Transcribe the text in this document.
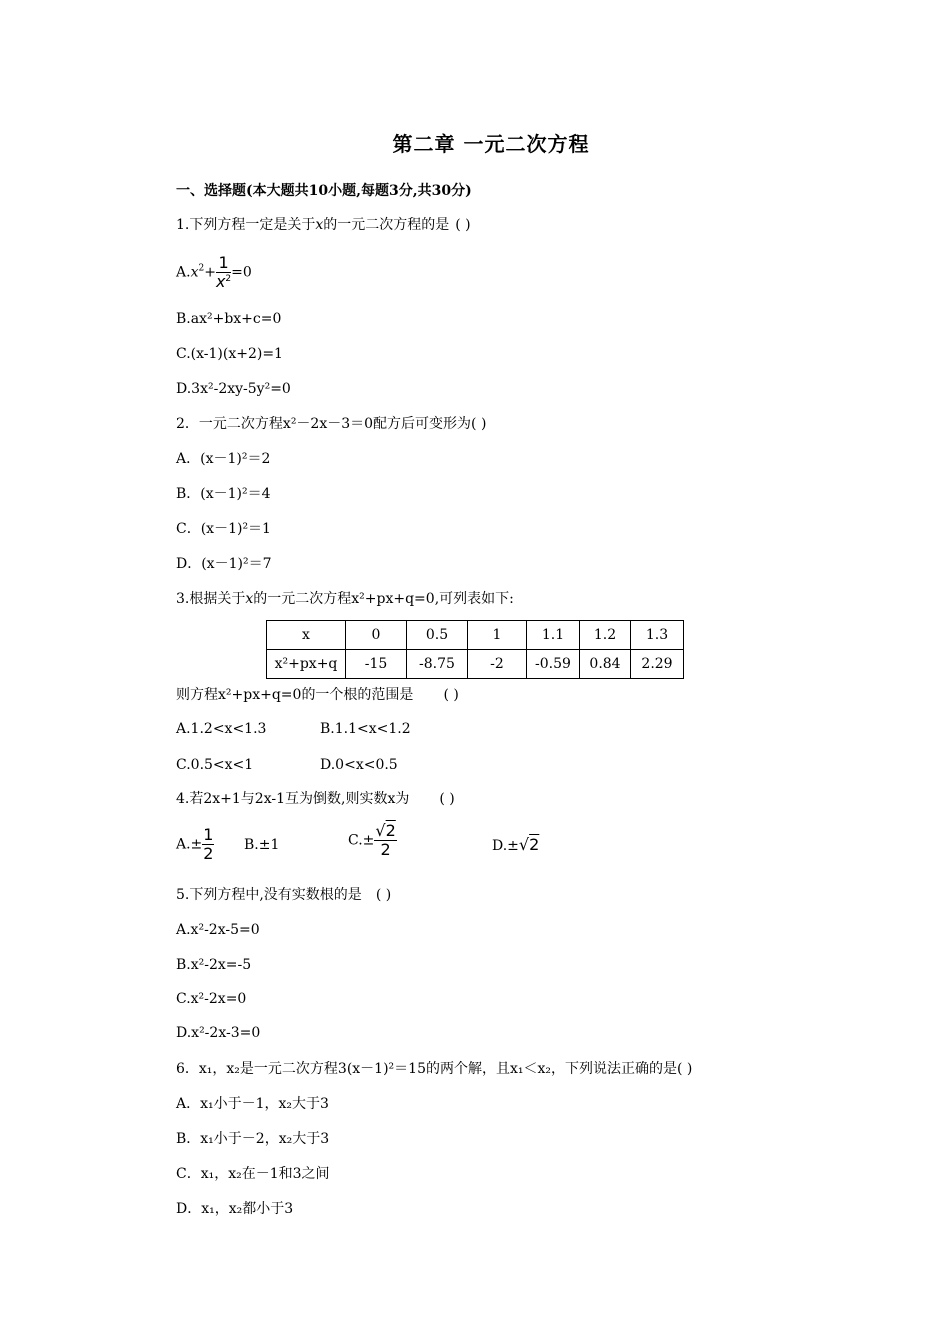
第二章 一元二次方程
一、选择题(本大题共10小题,每题3分,共30分)
1.下列方程一定是关于x的一元二次方程的是 ( )
$A.x^2+ \frac{1}{x^2} =0$
B.ax²+bx+c=0
C.(x-1)(x+2)=1
D.3x²-2xy-5y²=0
2．一元二次方程x²－2x－3＝0配方后可变形为( )
A．(x－1)²＝2
B．(x－1)²＝4
C．(x－1)²＝1
D．(x－1)²＝7
3.根据关于x的一元二次方程x²+px+q=0,可列表如下:
x	0	0.5	1	1.1	1.2	1.3
x²+px+q	-15	-8.75	-2	-0.59	0.84	2.29
则方程x²+px+q=0的一个根的范围是 ( )
A.1.2<x<1.3	B.1.1<x<1.2
C.0.5<x<1	D.0<x<0.5
4.若2x+1与2x-1互为倒数,则实数x为 ( )
$A.\pm \frac{1}{2} B.\pm 1$	$C.\pm \frac{√2}{2}$	D.±√2
5.下列方程中,没有实数根的是 ( )
A.x²-2x-5=0
B.x²-2x=-5
C.x²-2x=0
D.x²-2x-3=0
6．x₁，x₂是一元二次方程3(x－1)²＝15的两个解，且x₁＜x₂，下列说法正确的是( )
A．x₁小于－1，x₂大于3
B．x₁小于－2，x₂大于3
C．x₁，x₂在－1和3之间
D．x₁，x₂都小于3
